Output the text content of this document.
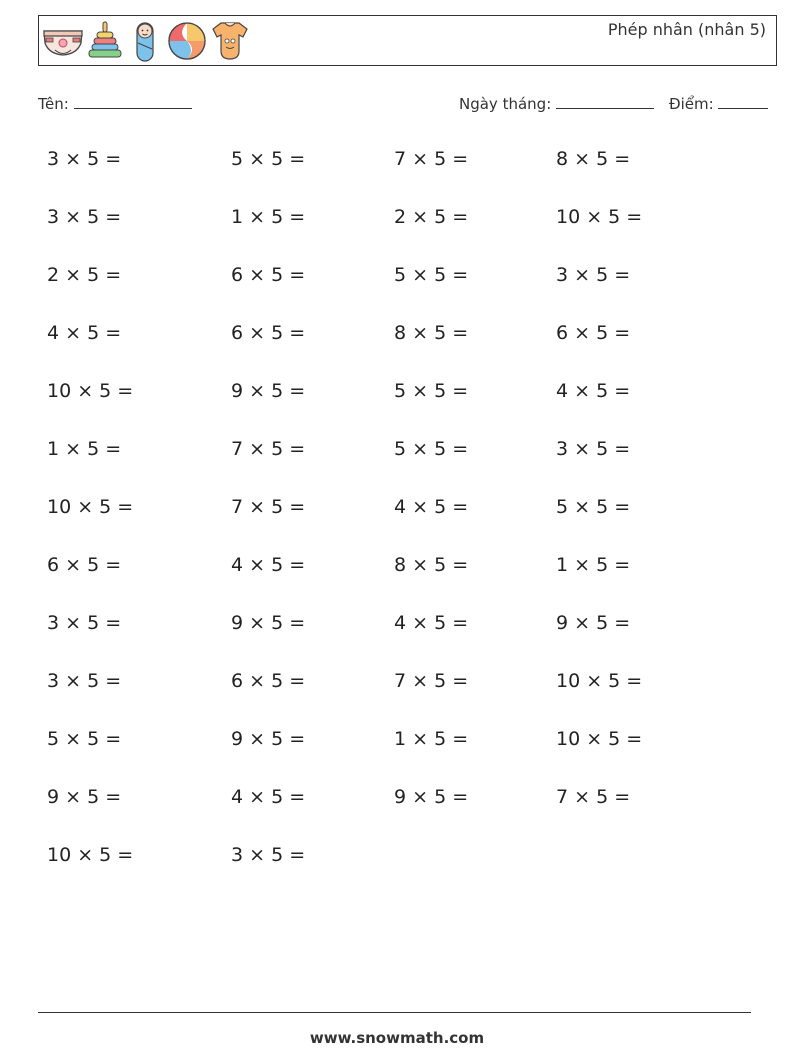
Phép nhân (nhân 5)
Tên:	Ngày tháng:	Điểm:
3 × 5 =	5 × 5 =	7 × 5 =	8 × 5 =
3 × 5 =	1 × 5 =	2 × 5 =	10 × 5 =
2 × 5 =	6 × 5 =	5 × 5 =	3 × 5 =
4 × 5 =	6 × 5 =	8 × 5 =	6 × 5 =
10 × 5 =	9 × 5 =	5 × 5 =	4 × 5 =
1 × 5 =	7 × 5 =	5 × 5 =	3 × 5 =
10 × 5 =	7 × 5 =	4 × 5 =	5 × 5 =
6 × 5 =	4 × 5 =	8 × 5 =	1 × 5 =
3 × 5 =	9 × 5 =	4 × 5 =	9 × 5 =
3 × 5 =	6 × 5 =	7 × 5 =	10 × 5 =
5 × 5 =	9 × 5 =	1 × 5 =	10 × 5 =
9 × 5 =	4 × 5 =	9 × 5 =	7 × 5 =
10 × 5 =	3 × 5 =
www.snowmath.com
